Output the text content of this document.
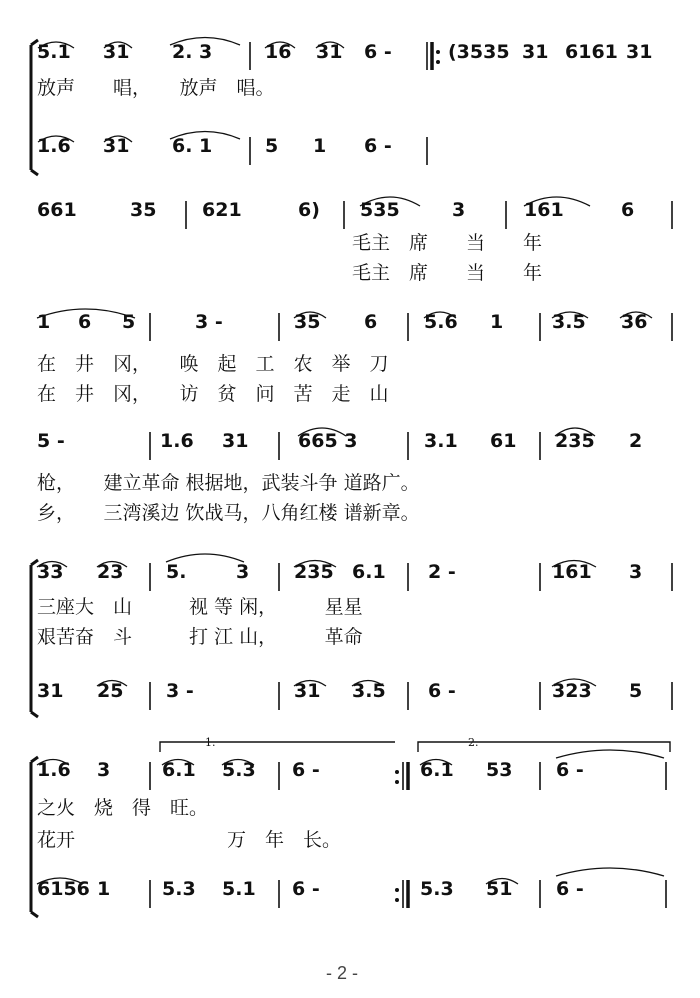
5.1 31 2. 3	16 31 6 -	(3535 31 6161 31
1.6 31 6. 1	5 1 6 -
661	35 621	6) 535	3	161	6
1 6 5	3 -	35 6 5.6 1	3.5 36
5 -	1.6 31	665 3	3.1 61 235 2
33 23 5.	3 235 6.1 2 -	161 3
31 25 3 -	31 3.5 6 -	323 5
1.6 3	6.1 5.3 6 -	6.1 53 6 -
6156 1	5.3 5.1 6 -	5.3 51 6 -
放声　　唱，　　放声　唱。
毛主　席　　当　　年
毛主　席　　当　　年
在　井　冈，　　唤　起　工　农　举　刀
在　井　冈，　　访　贫　问　苦　走　山
枪，　　建立革命 根据地，武装斗争 道路广。
乡，　　三湾溪边 饮战马，八角红楼 谱新章。
三座大　山　　　视 等 闲，　　　星星
艰苦奋　斗　　　打 江 山，　　　革命
之火　烧　得　旺。
花开　　　　　　　　万　年　长。
1.	2.
- 2 -
